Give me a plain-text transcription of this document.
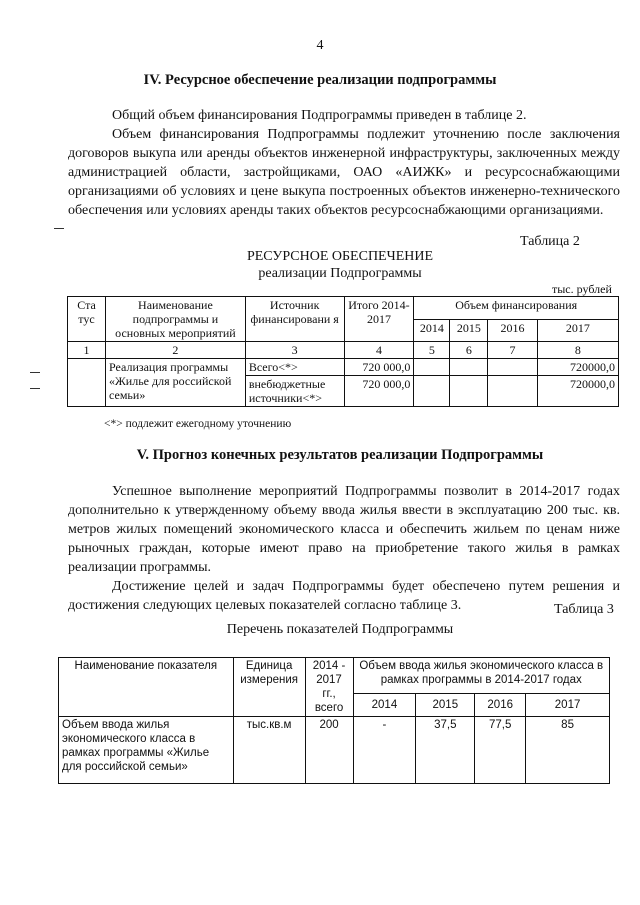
4
IV. Ресурсное обеспечение реализации подпрограммы

Общий объем финансирования Подпрограммы приведен в таблице 2.

Объем финансирования Подпрограммы подлежит уточнению после заключения договоров выкупа или аренды объектов инженерной инфраструктуры, заключенных между администрацией области, застройщиками, ОАО «АИЖК» и ресурсоснабжающими организациями об условиях и цене выкупа построенных объектов инженерно-технического обеспечения или условиях аренды таких объектов ресурсоснабжающими организациями.

Таблица 2
РЕСУРСНОЕ ОБЕСПЕЧЕНИЕ
реализации Подпрограммы
тыс. рублей
Ста тус	Наименование подпрограммы и основных мероприятий	Источник финансировани я	Итого 2014-2017	Объем финансирования			
				2014	2015	2016	2017
1	2	3	4	5	6	7	8
	Реализация программы «Жилье для российской семьи»	Всего<*>	720 000,0				720000,0
		внебюджетные источники<*>	720 000,0				720000,0
<*> подлежит ежегодному уточнению
V. Прогноз конечных результатов реализации Подпрограммы

Успешное выполнение мероприятий Подпрограммы позволит в 2014-2017 годах дополнительно к утвержденному объему ввода жилья ввести в эксплуатацию 200 тыс. кв. метров жилых помещений экономического класса и обеспечить жильем по ценам ниже рыночных граждан, которые имеют право на приобретение такого жилья в рамках реализации программы.

Достижение целей и задач Подпрограммы будет обеспечено путем решения и достижения следующих целевых показателей согласно таблице 3.	Таблица 3
Перечень показателей Подпрограммы
Наименование показателя	Единица измерения	2014 - 2017 гг., всего	Объем ввода жилья экономического класса в рамках программы в 2014-2017 годах			
			2014	2015	2016	2017
Объем ввода жилья экономического класса в рамках программы «Жилье для российской семьи»	тыс.кв.м	200	-	37,5	77,5	85
